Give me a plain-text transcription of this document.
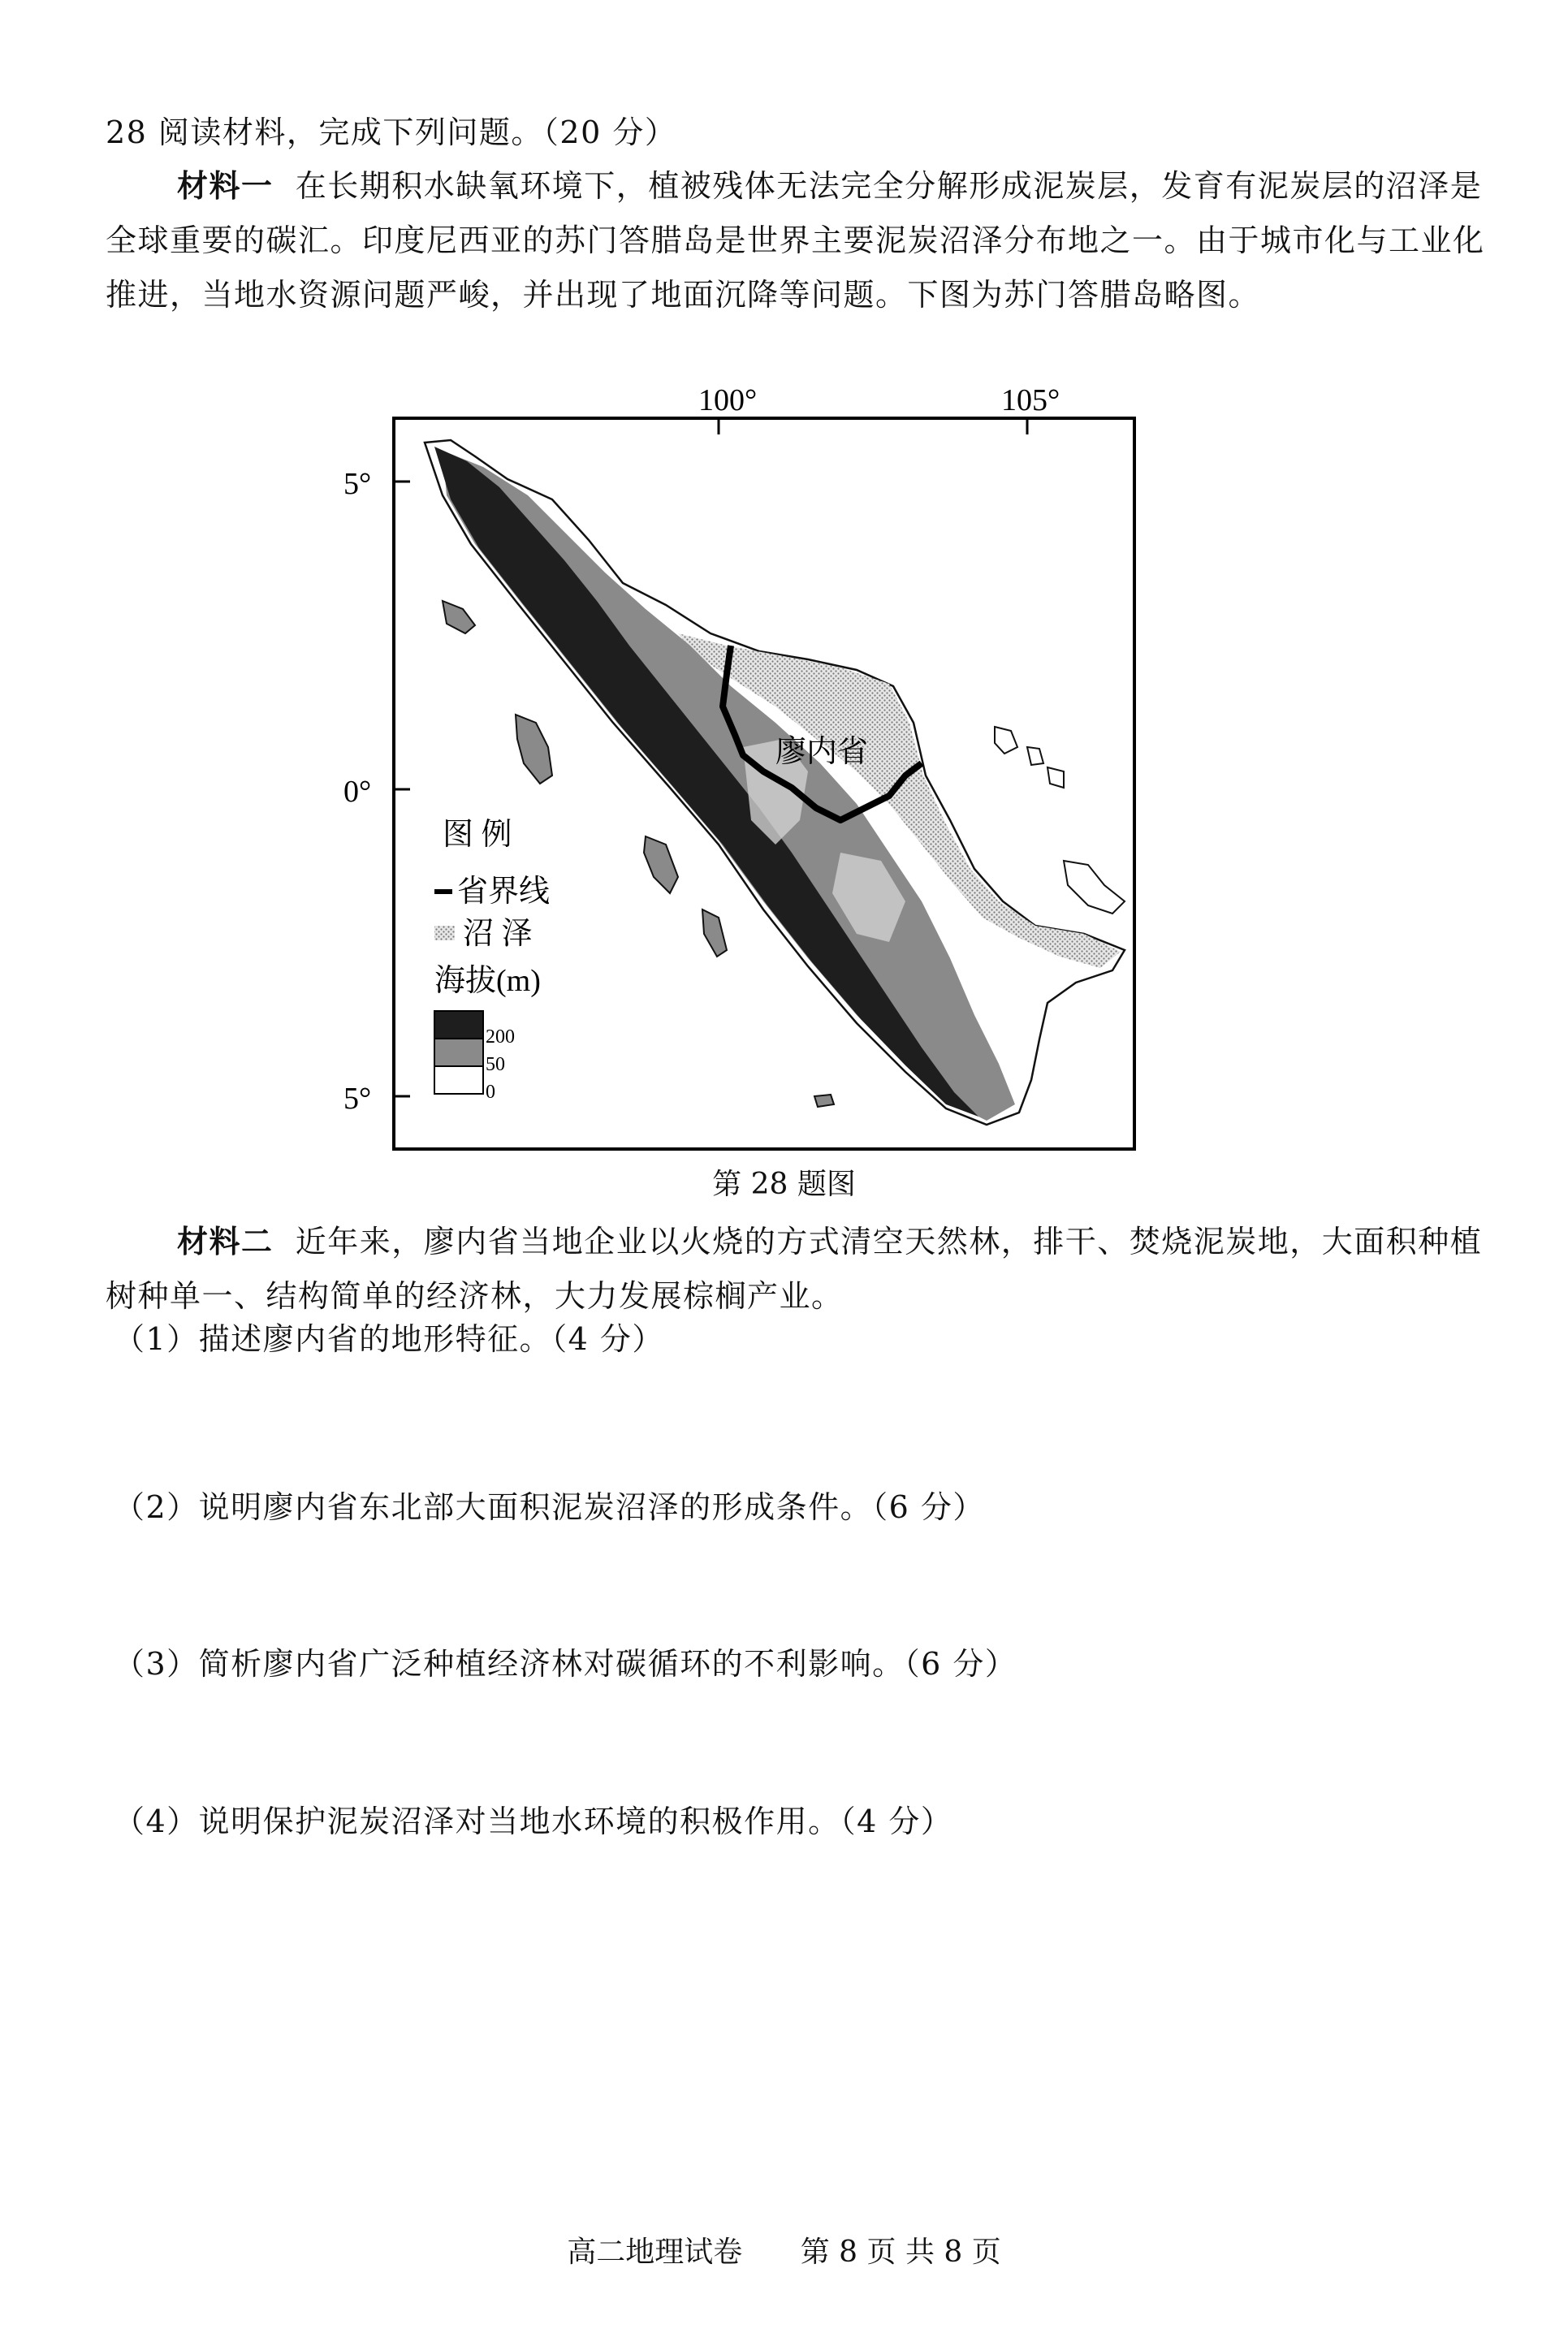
28 阅读材料，完成下列问题。（20 分）
材料一 在长期积水缺氧环境下，植被残体无法完全分解形成泥炭层，发育有泥炭层的沼泽是全球重要的碳汇。印度尼西亚的苏门答腊岛是世界主要泥炭沼泽分布地之一。由于城市化与工业化推进，当地水资源问题严峻，并出现了地面沉降等问题。下图为苏门答腊岛略图。
100°	105°
5°
0°
5°
廖内省
图 例
省界线
沼 泽
海拔(m)
200
50
0
第 28 题图
材料二 近年来，廖内省当地企业以火烧的方式清空天然林，排干、焚烧泥炭地，大面积种植树种单一、结构简单的经济林，大力发展棕榈产业。
（1）描述廖内省的地形特征。（4 分）
（2）说明廖内省东北部大面积泥炭沼泽的形成条件。（6 分）
（3）简析廖内省广泛种植经济林对碳循环的不利影响。（6 分）
（4）说明保护泥炭沼泽对当地水环境的积极作用。（4 分）
高二地理试卷 第 8 页 共 8 页
